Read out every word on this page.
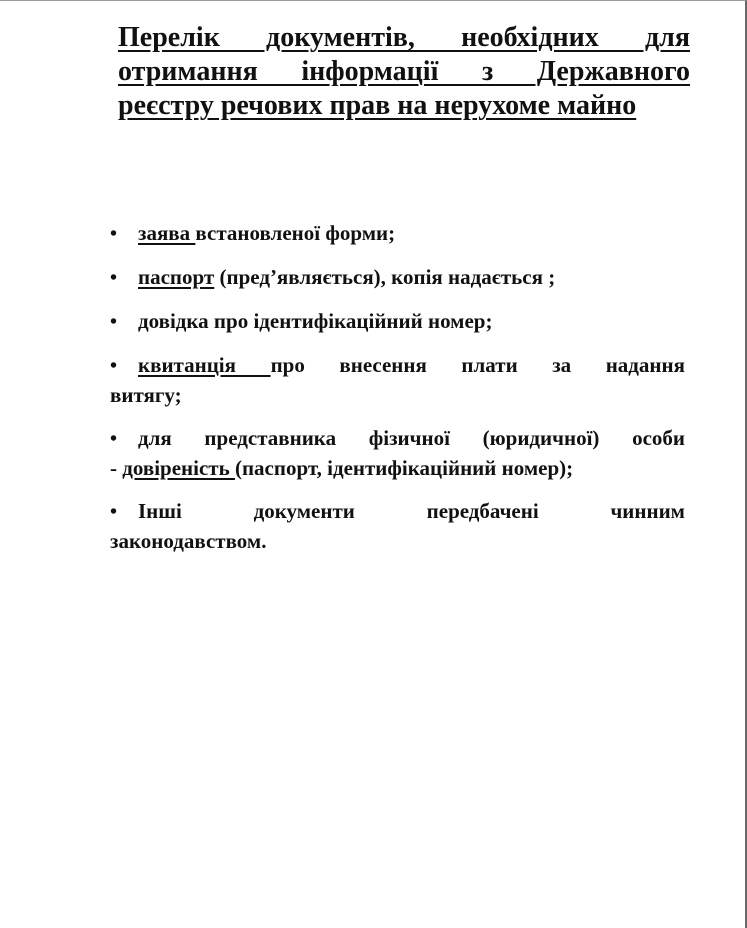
Перелік документів, необхідних для
отримання інформації з Державного
реєстру речових прав на нерухоме майно
• заява встановленої форми;
• паспорт (пред’являється), копія надається ;
• довідка про ідентифікаційний номер;
• квитанція про внесення плати за надання
витягу;
• для представника фізичної (юридичної) особи
- довіреність (паспорт, ідентифікаційний номер);
• Інші документи передбачені чинним
законодавством.
